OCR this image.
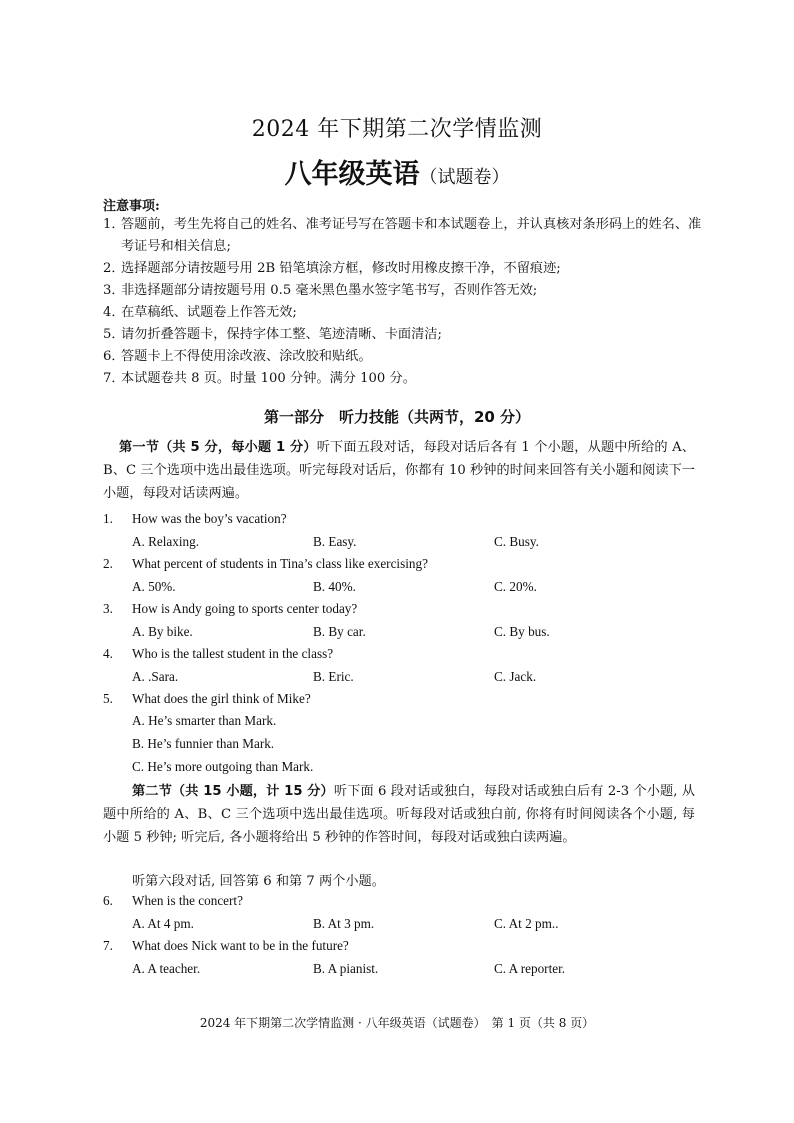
2024 年下期第二次学情监测
八年级英语（试题卷）
注意事项:
1．
答题前，考生先将自己的姓名、准考证号写在答题卡和本试题卷上，并认真核对条形码上的姓名、准考证号和相关信息;
2．
选择题部分请按题号用 2B 铅笔填涂方框，修改时用橡皮擦干净，不留痕迹;
3．
非选择题部分请按题号用 0.5 毫米黑色墨水签字笔书写，否则作答无效;
4．
在草稿纸、试题卷上作答无效;
5．
请勿折叠答题卡，保持字体工整、笔迹清晰、卡面清洁;
6．
答题卡上不得使用涂改液、涂改胶和贴纸。
7．
本试题卷共 8 页。时量 100 分钟。满分 100 分。
第一部分　听力技能（共两节，20 分）
第一节（共 5 分，每小题 1 分）听下面五段对话，每段对话后各有 1 个小题，从题中所给的 A、B、C 三个选项中选出最佳选项。听完每段对话后，你都有 10 秒钟的时间来回答有关小题和阅读下一小题，每段对话读两遍。
1. How was the boy’s vacation?
A. Relaxing.	B. Easy.	C. Busy.
2. What percent of students in Tina’s class like exercising?
A. 50%.	B. 40%.	C. 20%.
3. How is Andy going to sports center today?
A. By bike.	B. By car.	C. By bus.
4. Who is the tallest student in the class?
A. .Sara.	B. Eric.	C. Jack.
5. What does the girl think of Mike?
A. He’s smarter than Mark.
B. He’s funnier than Mark.
C. He’s more outgoing than Mark.
第二节（共 15 小题，计 15 分）听下面 6 段对话或独白，每段对话或独白后有 2-3 个小题, 从题中所给的 A、B、C 三个选项中选出最佳选项。听每段对话或独白前, 你将有时间阅读各个小题, 每小题 5 秒钟; 听完后, 各小题将给出 5 秒钟的作答时间，每段对话或独白读两遍。
听第六段对话, 回答第 6 和第 7 两个小题。
6. When is the concert?
A. At 4 pm.	B. At 3 pm.	C. At 2 pm..
7. What does Nick want to be in the future?
A. A teacher.	B. A pianist.	C. A reporter.
2024 年下期第二次学情监测 · 八年级英语（试题卷）　第 1 页（共 8 页）
